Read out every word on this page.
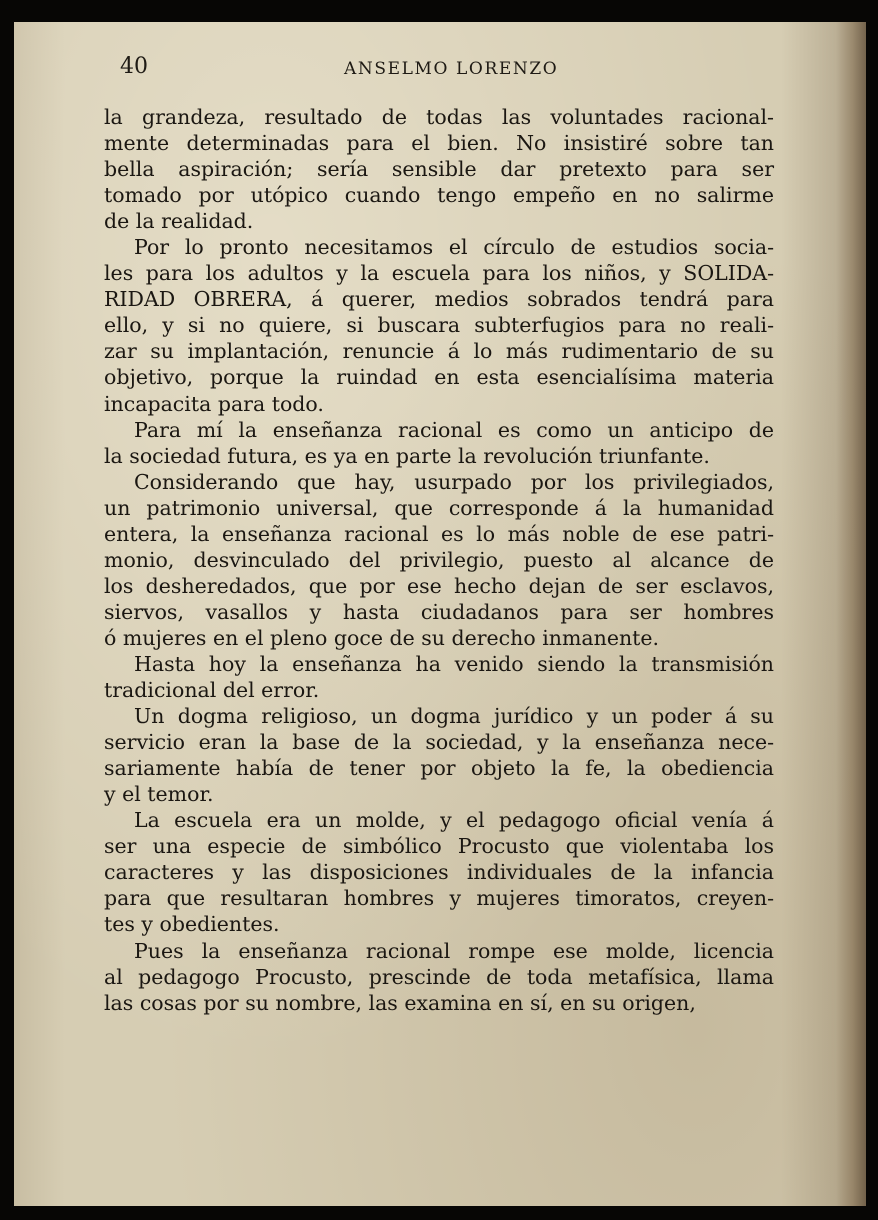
40	ANSELMO LORENZO
la grandeza, resultado de todas las voluntades racional-
mente determinadas para el bien. No insistiré sobre tan
bella aspiración; sería sensible dar pretexto para ser
tomado por utópico cuando tengo empeño en no salirme
de la realidad.
Por lo pronto necesitamos el círculo de estudios socia-
les para los adultos y la escuela para los niños, y SOLIDA-
RIDAD OBRERA, á querer, medios sobrados tendrá para
ello, y si no quiere, si buscara subterfugios para no reali-
zar su implantación, renuncie á lo más rudimentario de su
objetivo, porque la ruindad en esta esencialísima materia
incapacita para todo.
Para mí la enseñanza racional es como un anticipo de
la sociedad futura, es ya en parte la revolución triunfante.
Considerando que hay, usurpado por los privilegiados,
un patrimonio universal, que corresponde á la humanidad
entera, la enseñanza racional es lo más noble de ese patri-
monio, desvinculado del privilegio, puesto al alcance de
los desheredados, que por ese hecho dejan de ser esclavos,
siervos, vasallos y hasta ciudadanos para ser hombres
ó mujeres en el pleno goce de su derecho inmanente.
Hasta hoy la enseñanza ha venido siendo la transmisión
tradicional del error.
Un dogma religioso, un dogma jurídico y un poder á su
servicio eran la base de la sociedad, y la enseñanza nece-
sariamente había de tener por objeto la fe, la obediencia
y el temor.
La escuela era un molde, y el pedagogo oficial venía á
ser una especie de simbólico Procusto que violentaba los
caracteres y las disposiciones individuales de la infancia
para que resultaran hombres y mujeres timoratos, creyen-
tes y obedientes.
Pues la enseñanza racional rompe ese molde, licencia
al pedagogo Procusto, prescinde de toda metafísica, llama
las cosas por su nombre, las examina en sí, en su origen,
